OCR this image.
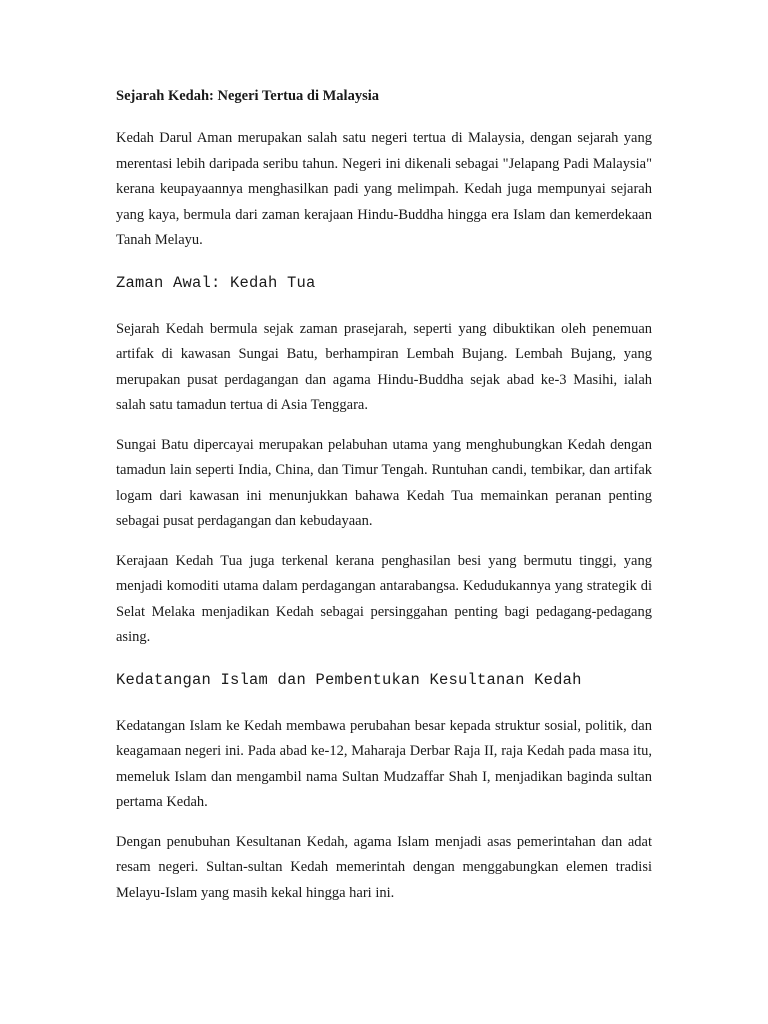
Sejarah Kedah: Negeri Tertua di Malaysia

Kedah Darul Aman merupakan salah satu negeri tertua di Malaysia, dengan sejarah yang merentasi lebih daripada seribu tahun. Negeri ini dikenali sebagai "Jelapang Padi Malaysia" kerana keupayaannya menghasilkan padi yang melimpah. Kedah juga mempunyai sejarah yang kaya, bermula dari zaman kerajaan Hindu-Buddha hingga era Islam dan kemerdekaan Tanah Melayu.

Zaman Awal: Kedah Tua

Sejarah Kedah bermula sejak zaman prasejarah, seperti yang dibuktikan oleh penemuan artifak di kawasan Sungai Batu, berhampiran Lembah Bujang. Lembah Bujang, yang merupakan pusat perdagangan dan agama Hindu-Buddha sejak abad ke-3 Masihi, ialah salah satu tamadun tertua di Asia Tenggara.

Sungai Batu dipercayai merupakan pelabuhan utama yang menghubungkan Kedah dengan tamadun lain seperti India, China, dan Timur Tengah. Runtuhan candi, tembikar, dan artifak logam dari kawasan ini menunjukkan bahawa Kedah Tua memainkan peranan penting sebagai pusat perdagangan dan kebudayaan.

Kerajaan Kedah Tua juga terkenal kerana penghasilan besi yang bermutu tinggi, yang menjadi komoditi utama dalam perdagangan antarabangsa. Kedudukannya yang strategik di Selat Melaka menjadikan Kedah sebagai persinggahan penting bagi pedagang-pedagang asing.

Kedatangan Islam dan Pembentukan Kesultanan Kedah

Kedatangan Islam ke Kedah membawa perubahan besar kepada struktur sosial, politik, dan keagamaan negeri ini. Pada abad ke-12, Maharaja Derbar Raja II, raja Kedah pada masa itu, memeluk Islam dan mengambil nama Sultan Mudzaffar Shah I, menjadikan baginda sultan pertama Kedah.

Dengan penubuhan Kesultanan Kedah, agama Islam menjadi asas pemerintahan dan adat resam negeri. Sultan-sultan Kedah memerintah dengan menggabungkan elemen tradisi Melayu-Islam yang masih kekal hingga hari ini.
